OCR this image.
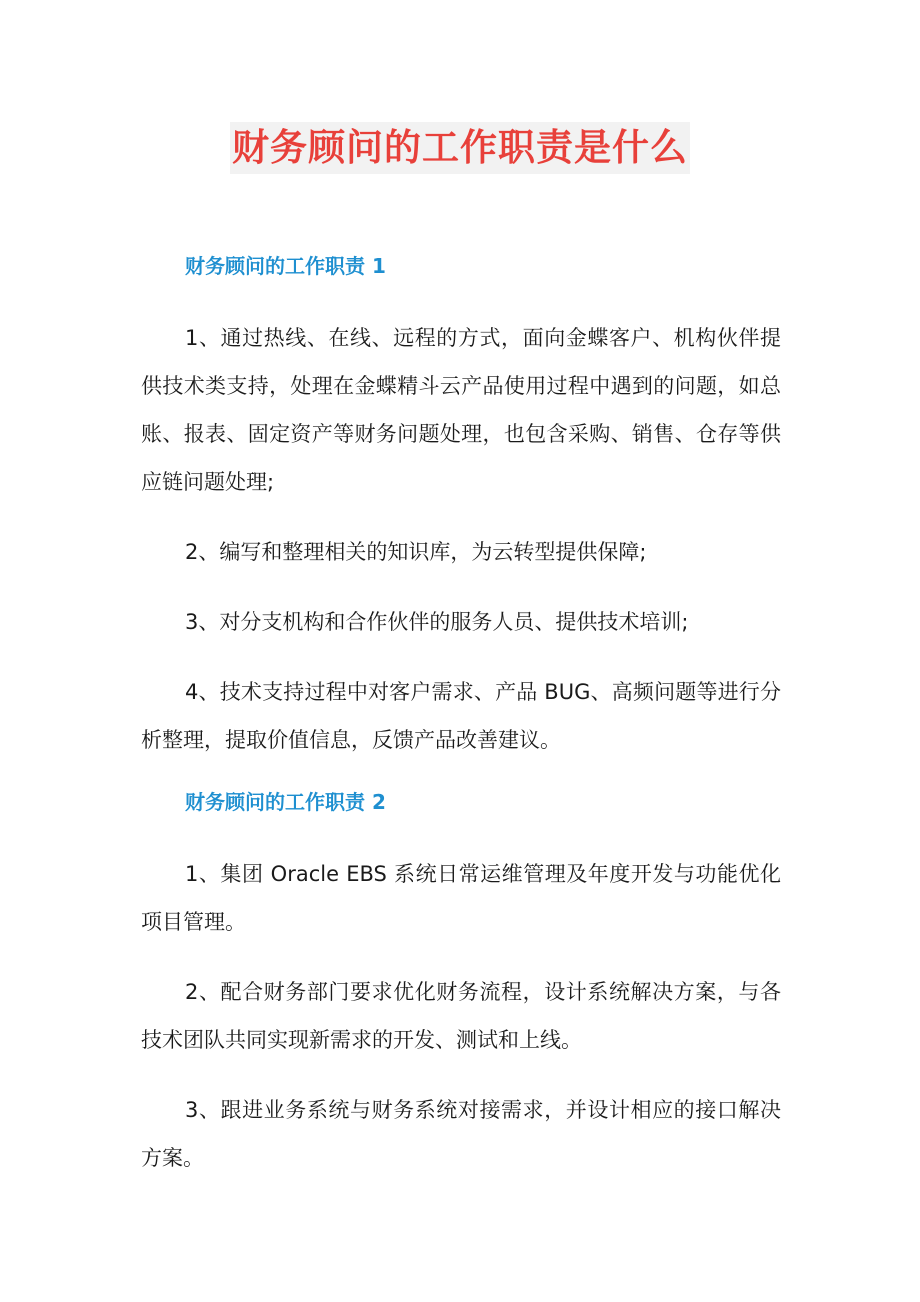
财务顾问的工作职责是什么
财务顾问的工作职责 1

1、通过热线、在线、远程的方式，面向金蝶客户、机构伙伴提供技术类支持，处理在金蝶精斗云产品使用过程中遇到的问题，如总账、报表、固定资产等财务问题处理，也包含采购、销售、仓存等供应链问题处理;

2、编写和整理相关的知识库，为云转型提供保障;

3、对分支机构和合作伙伴的服务人员、提供技术培训;

4、技术支持过程中对客户需求、产品 BUG、高频问题等进行分析整理，提取价值信息，反馈产品改善建议。

财务顾问的工作职责 2

1、集团 Oracle EBS 系统日常运维管理及年度开发与功能优化项目管理。

2、配合财务部门要求优化财务流程，设计系统解决方案，与各技术团队共同实现新需求的开发、测试和上线。

3、跟进业务系统与财务系统对接需求，并设计相应的接口解决方案。
